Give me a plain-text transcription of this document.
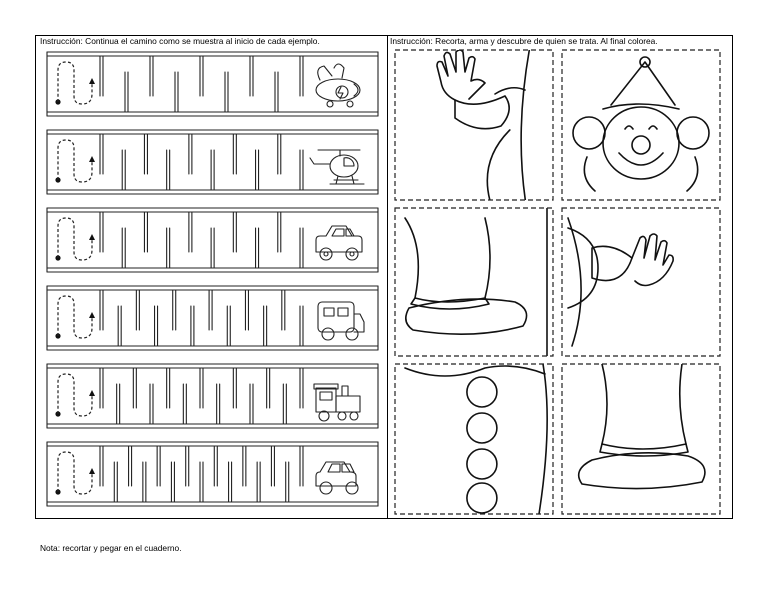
Instrucción: Continua el camino como se muestra al inicio de cada ejemplo.	Instrucción: Recorta, arma y descubre de quien se trata. Al final colorea.
Nota: recortar y pegar en el cuaderno.
